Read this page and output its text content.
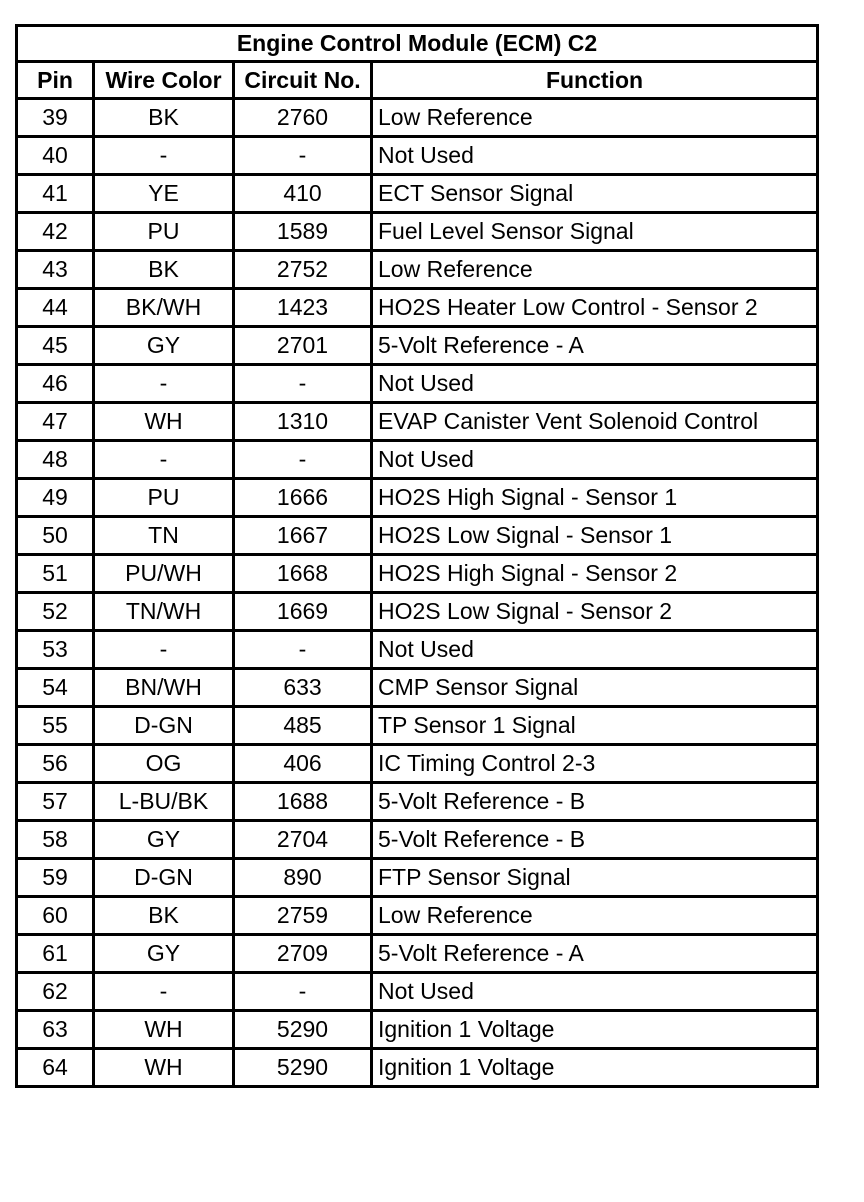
Engine Control Module (ECM) C2			
Pin	Wire Color	Circuit No.	Function
39	BK	2760	Low Reference
40	-	-	Not Used
41	YE	410	ECT Sensor Signal
42	PU	1589	Fuel Level Sensor Signal
43	BK	2752	Low Reference
44	BK/WH	1423	HO2S Heater Low Control - Sensor 2
45	GY	2701	5-Volt Reference - A
46	-	-	Not Used
47	WH	1310	EVAP Canister Vent Solenoid Control
48	-	-	Not Used
49	PU	1666	HO2S High Signal - Sensor 1
50	TN	1667	HO2S Low Signal - Sensor 1
51	PU/WH	1668	HO2S High Signal - Sensor 2
52	TN/WH	1669	HO2S Low Signal - Sensor 2
53	-	-	Not Used
54	BN/WH	633	CMP Sensor Signal
55	D-GN	485	TP Sensor 1 Signal
56	OG	406	IC Timing Control 2-3
57	L-BU/BK	1688	5-Volt Reference - B
58	GY	2704	5-Volt Reference - B
59	D-GN	890	FTP Sensor Signal
60	BK	2759	Low Reference
61	GY	2709	5-Volt Reference - A
62	-	-	Not Used
63	WH	5290	Ignition 1 Voltage
64	WH	5290	Ignition 1 Voltage
